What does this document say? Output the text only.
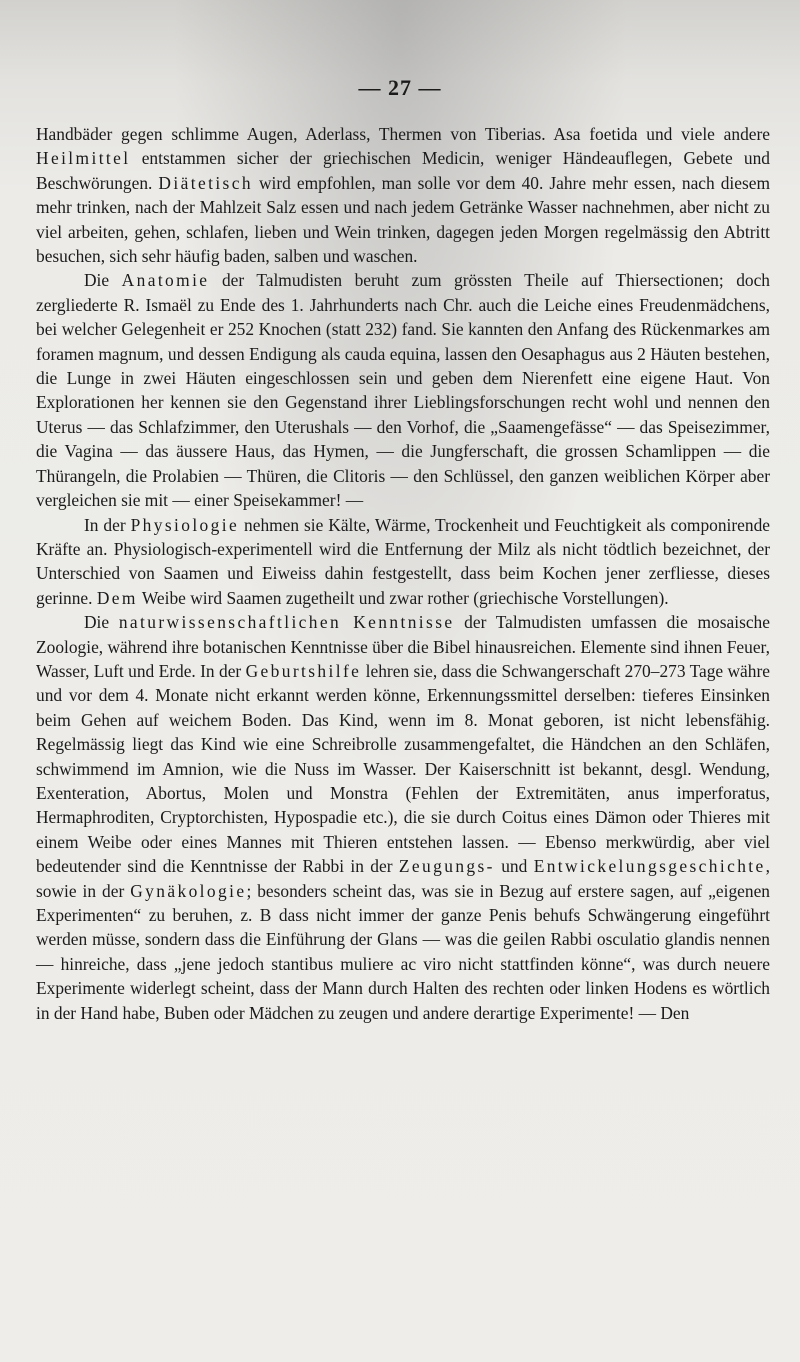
— 27 —

Handbäder gegen schlimme Augen, Aderlass, Thermen von Tiberias. Asa foetida und viele andere Heilmittel entstammen sicher der griechischen Medicin, weniger Händeauflegen, Gebete und Beschwörungen. Diätetisch wird empfohlen, man solle vor dem 40. Jahre mehr essen, nach diesem mehr trinken, nach der Mahlzeit Salz essen und nach jedem Getränke Wasser nachnehmen, aber nicht zu viel arbeiten, gehen, schlafen, lieben und Wein trinken, dagegen jeden Morgen regelmässig den Abtritt besuchen, sich sehr häufig baden, salben und waschen.

Die Anatomie der Talmudisten beruht zum grössten Theile auf Thiersectionen; doch zergliederte R. Ismaël zu Ende des 1. Jahrhunderts nach Chr. auch die Leiche eines Freudenmädchens, bei welcher Gelegenheit er 252 Knochen (statt 232) fand. Sie kannten den Anfang des Rückenmarkes am foramen magnum, und dessen Endigung als cauda equina, lassen den Oesaphagus aus 2 Häuten bestehen, die Lunge in zwei Häuten eingeschlossen sein und geben dem Nierenfett eine eigene Haut. Von Explorationen her kennen sie den Gegenstand ihrer Lieblingsforschungen recht wohl und nennen den Uterus — das Schlafzimmer, den Uterushals — den Vorhof, die „Saamengefässe“ — das Speisezimmer, die Vagina — das äussere Haus, das Hymen, — die Jungferschaft, die grossen Schamlippen — die Thürangeln, die Prolabien — Thüren, die Clitoris — den Schlüssel, den ganzen weiblichen Körper aber vergleichen sie mit — einer Speisekammer! —

In der Physiologie nehmen sie Kälte, Wärme, Trockenheit und Feuchtigkeit als componirende Kräfte an. Physiologisch-experimentell wird die Entfernung der Milz als nicht tödtlich bezeichnet, der Unterschied von Saamen und Eiweiss dahin festgestellt, dass beim Kochen jener zerfliesse, dieses gerinne. Dem Weibe wird Saamen zugetheilt und zwar rother (griechische Vorstellungen).

Die naturwissenschaftlichen Kenntnisse der Talmudisten umfassen die mosaische Zoologie, während ihre botanischen Kenntnisse über die Bibel hinausreichen. Elemente sind ihnen Feuer, Wasser, Luft und Erde. In der Geburtshilfe lehren sie, dass die Schwangerschaft 270–273 Tage währe und vor dem 4. Monate nicht erkannt werden könne, Erkennungssmittel derselben: tieferes Einsinken beim Gehen auf weichem Boden. Das Kind, wenn im 8. Monat geboren, ist nicht lebensfähig. Regelmässig liegt das Kind wie eine Schreibrolle zusammengefaltet, die Händchen an den Schläfen, schwimmend im Amnion, wie die Nuss im Wasser. Der Kaiserschnitt ist bekannt, desgl. Wendung, Exenteration, Abortus, Molen und Monstra (Fehlen der Extremitäten, anus imperforatus, Hermaphroditen, Cryptorchisten, Hypospadie etc.), die sie durch Coitus eines Dämon oder Thieres mit einem Weibe oder eines Mannes mit Thieren entstehen lassen. — Ebenso merkwürdig, aber viel bedeutender sind die Kenntnisse der Rabbi in der Zeugungs- und Entwickelungsgeschichte, sowie in der Gynäkologie; besonders scheint das, was sie in Bezug auf erstere sagen, auf „eigenen Experimenten“ zu beruhen, z. B dass nicht immer der ganze Penis behufs Schwängerung eingeführt werden müsse, sondern dass die Einführung der Glans — was die geilen Rabbi osculatio glandis nennen — hinreiche, dass „jene jedoch stantibus muliere ac viro nicht stattfinden könne“, was durch neuere Experimente widerlegt scheint, dass der Mann durch Halten des rechten oder linken Hodens es wörtlich in der Hand habe, Buben oder Mädchen zu zeugen und andere derartige Experimente! — Den
